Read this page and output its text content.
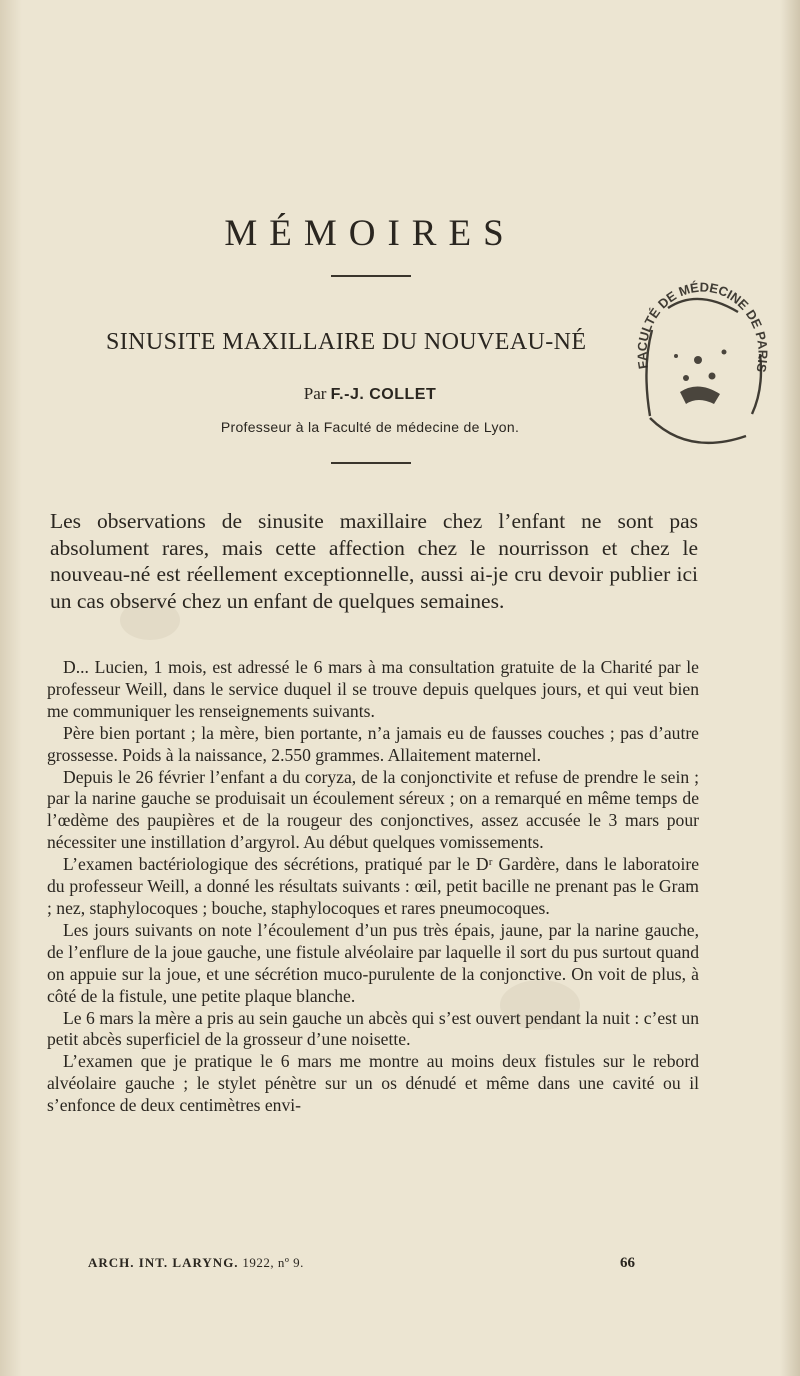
MÉMOIRES
SINUSITE MAXILLAIRE DU NOUVEAU-NÉ
Par F.-J. COLLET
Professeur à la Faculté de médecine de Lyon.
FACULTÉ DE MÉDECINE DE PARIS
Les observations de sinusite maxillaire chez l’enfant ne sont pas absolument rares, mais cette affection chez le nourrisson et chez le nouveau-né est réellement exceptionnelle, aussi ai-je cru devoir publier ici un cas observé chez un enfant de quelques semaines.

D... Lucien, 1 mois, est adressé le 6 mars à ma consultation gratuite de la Charité par le professeur Weill, dans le service duquel il se trouve depuis quelques jours, et qui veut bien me communiquer les renseignements suivants.

Père bien portant ; la mère, bien portante, n’a jamais eu de fausses couches ; pas d’autre grossesse. Poids à la naissance, 2.550 grammes. Allaitement maternel.

Depuis le 26 février l’enfant a du coryza, de la conjonctivite et refuse de prendre le sein ; par la narine gauche se produisait un écoulement séreux ; on a remarqué en même temps de l’œdème des paupières et de la rougeur des conjonctives, assez accusée le 3 mars pour nécessiter une instillation d’argyrol. Au début quelques vomissements.

L’examen bactériologique des sécrétions, pratiqué par le Dʳ Gardère, dans le laboratoire du professeur Weill, a donné les résultats suivants : œil, petit bacille ne prenant pas le Gram ; nez, staphylocoques ; bouche, staphylocoques et rares pneumocoques.

Les jours suivants on note l’écoulement d’un pus très épais, jaune, par la narine gauche, de l’enflure de la joue gauche, une fistule alvéolaire par laquelle il sort du pus surtout quand on appuie sur la joue, et une sécrétion muco-purulente de la conjonctive. On voit de plus, à côté de la fistule, une petite plaque blanche.

Le 6 mars la mère a pris au sein gauche un abcès qui s’est ouvert pendant la nuit : c’est un petit abcès superficiel de la grosseur d’une noisette.

L’examen que je pratique le 6 mars me montre au moins deux fistules sur le rebord alvéolaire gauche ; le stylet pénètre sur un os dénudé et même dans une cavité ou il s’enfonce de deux centimètres envi-

ARCH. INT. LARYNG. 1922, nº 9.	66
